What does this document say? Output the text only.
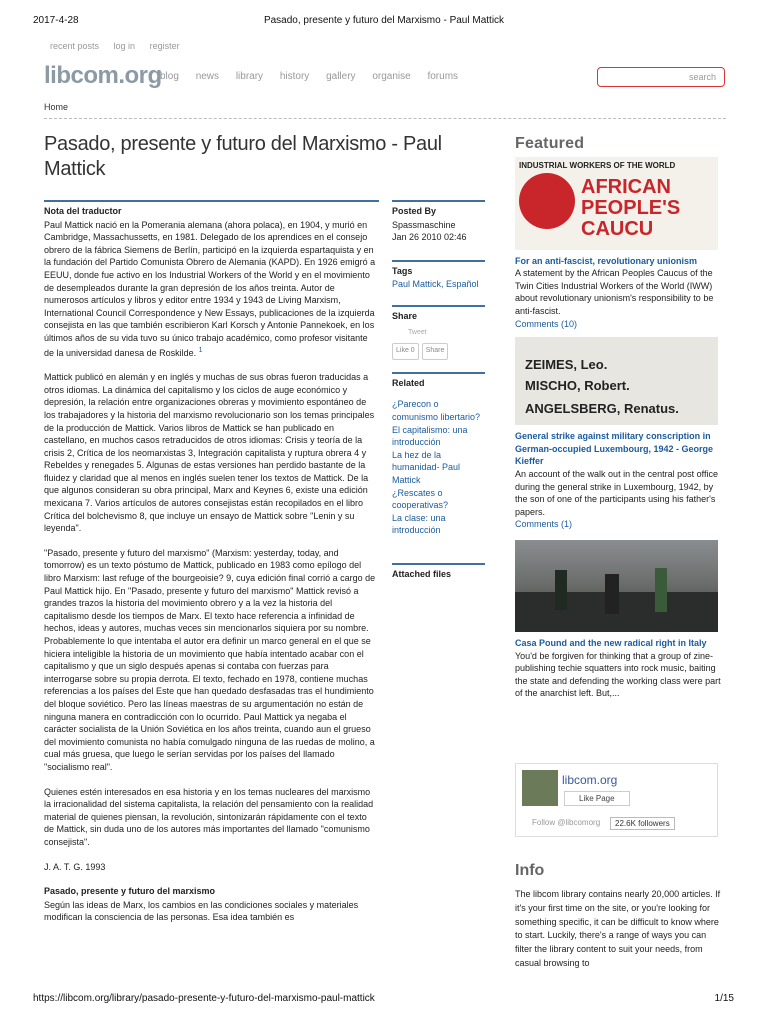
2017-4-28	Pasado, presente y futuro del Marxismo - Paul Mattick
recent posts log in register
libcom.org
blog news library history gallery organise forums	search
Home
Pasado, presente y futuro del Marxismo - Paul Mattick
Nota del traductor

Paul Mattick nació en la Pomerania alemana (ahora polaca), en 1904, y murió en Cambridge, Massachussetts, en 1981. Delegado de los aprendices en el consejo obrero de la fábrica Siemens de Berlín, participó en la izquierda espartaquista y en la fundación del Partido Comunista Obrero de Alemania (KAPD). En 1926 emigró a EEUU, donde fue activo en los Industrial Workers of the World y en el movimiento de desempleados durante la gran depresión de los años treinta. Autor de numerosos artículos y libros y editor entre 1934 y 1943 de Living Marxism, International Council Correspondence y New Essays, publicaciones de la izquierda consejista en las que también escribieron Karl Korsch y Antonie Pannekoek, en los últimos años de su vida tuvo su único trabajo académico, como profesor visitante de la universidad danesa de Roskilde. $^1$

Mattick publicó en alemán y en inglés y muchas de sus obras fueron traducidas a otros idiomas. La dinámica del capitalismo y los ciclos de auge económico y depresión, la relación entre organizaciones obreras y movimiento espontáneo de los trabajadores y la historia del marxismo revolucionario son los temas principales de la producción de Mattick. Varios libros de Mattick se han publicado en castellano, en muchos casos retraducidos de otros idiomas: Crisis y teoría de la crisis 2, Crítica de los neomarxistas 3, Integración capitalista y ruptura obrera 4 y Rebeldes y renegades 5. Algunas de estas versiones han perdido bastante de la fluidez y claridad que al menos en inglés suelen tener los textos de Mattick. De la que algunos consideran su obra principal, Marx and Keynes 6, existe una edición mexicana 7. Varios artículos de autores consejistas están recopilados en el libro Crítica del bolchevismo 8, que incluye un ensayo de Mattick sobre "Lenin y su leyenda".

"Pasado, presente y futuro del marxismo" (Marxism: yesterday, today, and tomorrow) es un texto póstumo de Mattick, publicado en 1983 como epílogo del libro Marxism: last refuge of the bourgeoisie? 9, cuya edición final corrió a cargo de Paul Mattick hijo. En "Pasado, presente y futuro del marxismo" Mattick revisó a grandes trazos la historia del movimiento obrero y a la vez la historia del capitalismo desde los tiempos de Marx. El texto hace referencia a infinidad de hechos, ideas y autores, muchas veces sin mencionarlos siquiera por su nombre. Probablemente lo que intentaba el autor era definir un marco general en el que se hiciera inteligible la historia de un movimiento que había intentado acabar con el capitalismo y que un siglo después apenas si contaba con fuerzas para interrogarse sobre su propia derrota. El texto, fechado en 1978, contiene muchas referencias a los países del Este que han quedado desfasadas tras el hundimiento del bloque soviético. Pero las líneas maestras de su argumentación no están de ninguna manera en contradicción con lo ocurrido. Paul Mattick ya negaba el carácter socialista de la Unión Soviética en los años treinta, cuando aun el grueso del movimiento comunista no había comulgado ninguna de las ruedas de molino, a cual más gruesa, que luego le serían servidas por los países del llamado "socialismo real".

Quienes estén interesados en esa historia y en los temas nucleares del marxismo la irracionalidad del sistema capitalista, la relación del pensamiento con la realidad material de quienes piensan, la revolución, sintonizarán rápidamente con el texto de Mattick, sin duda uno de los autores más importantes del llamado "comunismo consejista".

J. A. T. G. 1993

Pasado, presente y futuro del marxismo

Según las ideas de Marx, los cambios en las condiciones sociales y materiales modifican la consciencia de las personas. Esa idea también es

Posted By
Spassmaschine
Jan 26 2010 02:46
Tags
Paul Mattick, Español
Share
Tweet
Like 0	Share
Related
¿Parecon o comunismo libertario?
El capitalismo: una introducción
La hez de la humanidad- Paul Mattick
¿Rescates o cooperativas?
La clase: una introducción
Attached files
Featured
INDUSTRIAL WORKERS OF THE WORLD
AFRICAN
PEOPLE'S
CAUCU
For an anti-fascist, revolutionary unionism
A statement by the African Peoples Caucus of the Twin Cities Industrial Workers of the World (IWW) about revolutionary unionism's responsibility to be anti-fascist.
Comments (10)
ZEIMES, Leo.
MISCHO, Robert.
ANGELSBERG, Renatus.
General strike against military conscription in German-occupied Luxembourg, 1942 - George Kieffer
An account of the walk out in the central post office during the general strike in Luxembourg, 1942, by the son of one of the participants using his father's papers.
Comments (1)
Casa Pound and the new radical right in Italy
You'd be forgiven for thinking that a group of zine-publishing techie squatters into rock music, baiting the state and defending the working class were part of the anarchist left. But,...
libcom.org
Like Page
Follow @libcomorg	22.6K followers
Info
The libcom library contains nearly 20,000 articles. If it's your first time on the site, or you're looking for something specific, it can be difficult to know where to start. Luckily, there's a range of ways you can filter the library content to suit your needs, from casual browsing to
https://libcom.org/library/pasado-presente-y-futuro-del-marxismo-paul-mattick	1/15
